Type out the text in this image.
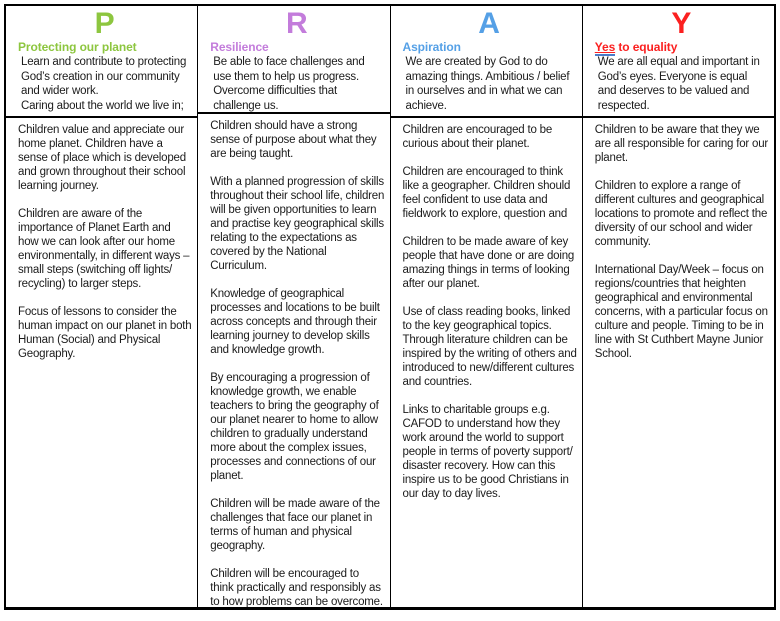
P
Protecting our planet
Learn and contribute to protecting God’s creation in our community and wider work.
Caring about the world we live in;

Children value and appreciate our home planet. Children have a sense of place which is developed and grown throughout their school learning journey.

Children are aware of the importance of Planet Earth and how we can look after our home environmentally, in different ways – small steps (switching off lights/ recycling) to larger steps.

Focus of lessons to consider the human impact on our planet in both Human (Social) and Physical Geography.

R
Resilience
Be able to face challenges and use them to help us progress. Overcome difficulties that challenge us.

Children should have a strong sense of purpose about what they are being taught.

With a planned progression of skills throughout their school life, children will be given opportunities to learn and practise key geographical skills relating to the expectations as covered by the National Curriculum.

Knowledge of geographical processes and locations to be built across concepts and through their learning journey to develop skills and knowledge growth.

By encouraging a progression of knowledge growth, we enable teachers to bring the geography of our planet nearer to home to allow children to gradually understand more about the complex issues, processes and connections of our planet.

Children will be made aware of the challenges that face our planet in terms of human and physical geography.

Children will be encouraged to think practically and responsibly as to how problems can be overcome.

A
Aspiration
We are created by God to do amazing things. Ambitious / belief in ourselves and in what we can achieve.

Children are encouraged to be curious about their planet.

Children are encouraged to think like a geographer. Children should feel confident to use data and fieldwork to explore, question and

Children to be made aware of key people that have done or are doing amazing things in terms of looking after our planet.

Use of class reading books, linked to the key geographical topics. Through literature children can be inspired by the writing of others and introduced to new/different cultures and countries.

Links to charitable groups e.g. CAFOD to understand how they work around the world to support people in terms of poverty support/ disaster recovery. How can this inspire us to be good Christians in our day to day lives.

Y
Yes to equality
We are all equal and important in God’s eyes. Everyone is equal and deserves to be valued and respected.

Children to be aware that they we are all responsible for caring for our planet.

Children to explore a range of different cultures and geographical locations to promote and reflect the diversity of our school and wider community.

International Day/Week – focus on regions/countries that heighten geographical and environmental concerns, with a particular focus on culture and people. Timing to be in line with St Cuthbert Mayne Junior School.
